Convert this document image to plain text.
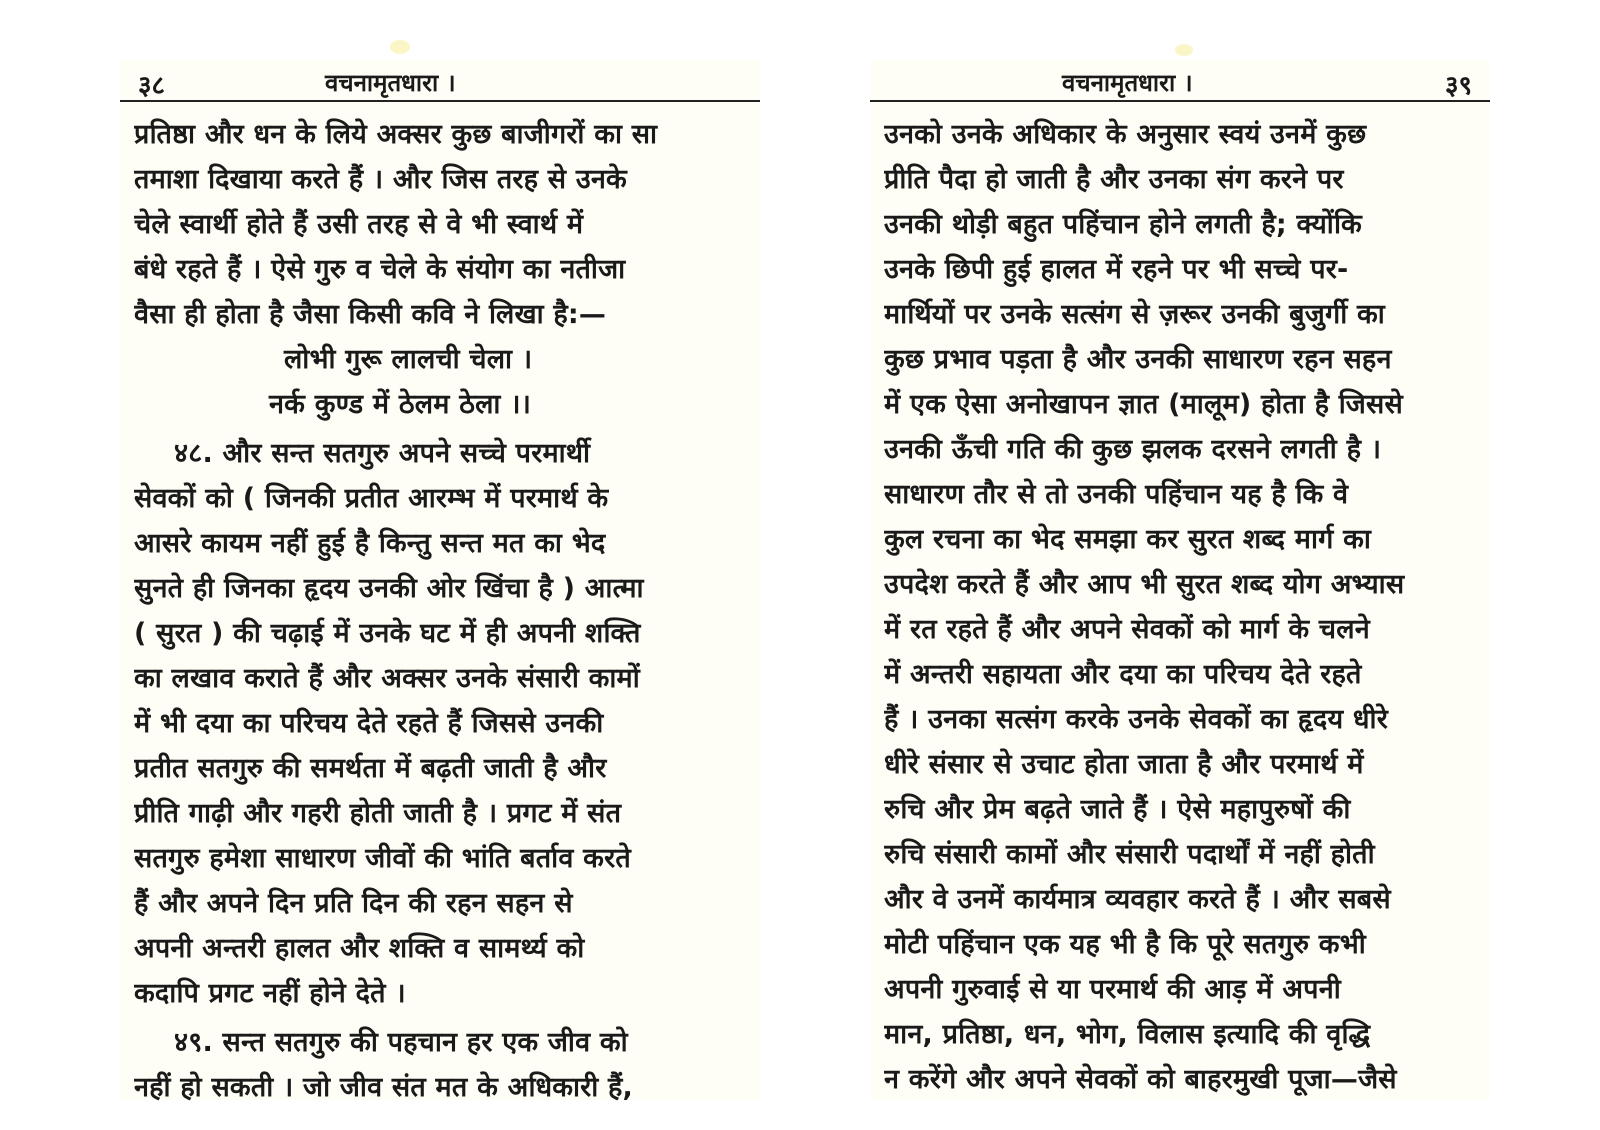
३८	वचनामृतधारा ।
प्रतिष्ठा और धन के लिये अक्सर कुछ बाजीगरों का सा
तमाशा दिखाया करते हैं । और जिस तरह से उनके
चेले स्वार्थी होते हैं उसी तरह से वे भी स्वार्थ में
बंधे रहते हैं । ऐसे गुरु व चेले के संयोग का नतीजा
वैसा ही होता है जैसा किसी कवि ने लिखा है:—
लोभी गुरू लालची चेला ।
नर्क कुण्ड में ठेलम ठेला ।।
४८. और सन्त सतगुरु अपने सच्चे परमार्थी
सेवकों को ( जिनकी प्रतीत आरम्भ में परमार्थ के
आसरे कायम नहीं हुई है किन्तु सन्त मत का भेद
सुनते ही जिनका हृदय उनकी ओर खिंचा है ) आत्मा
( सुरत ) की चढ़ाई में उनके घट में ही अपनी शक्ति
का लखाव कराते हैं और अक्सर उनके संसारी कामों
में भी दया का परिचय देते रहते हैं जिससे उनकी
प्रतीत सतगुरु की समर्थता में बढ़ती जाती है और
प्रीति गाढ़ी और गहरी होती जाती है । प्रगट में संत
सतगुरु हमेशा साधारण जीवों की भांति बर्ताव करते
हैं और अपने दिन प्रति दिन की रहन सहन से
अपनी अन्तरी हालत और शक्ति व सामर्थ्य को
कदापि प्रगट नहीं होने देते ।
४९. सन्त सतगुरु की पहचान हर एक जीव को
नहीं हो सकती । जो जीव संत मत के अधिकारी हैं,
वचनामृतधारा ।	३९
उनको उनके अधिकार के अनुसार स्वयं उनमें कुछ
प्रीति पैदा हो जाती है और उनका संग करने पर
उनकी थोड़ी बहुत पहिंचान होने लगती है; क्योंकि
उनके छिपी हुई हालत में रहने पर भी सच्चे पर-
मार्थियों पर उनके सत्संग से ज़रूर उनकी बुजुर्गी का
कुछ प्रभाव पड़ता है और उनकी साधारण रहन सहन
में एक ऐसा अनोखापन ज्ञात (मालूम) होता है जिससे
उनकी ऊँची गति की कुछ झलक दरसने लगती है ।
साधारण तौर से तो उनकी पहिंचान यह है कि वे
कुल रचना का भेद समझा कर सुरत शब्द मार्ग का
उपदेश करते हैं और आप भी सुरत शब्द योग अभ्यास
में रत रहते हैं और अपने सेवकों को मार्ग के चलने
में अन्तरी सहायता और दया का परिचय देते रहते
हैं । उनका सत्संग करके उनके सेवकों का हृदय धीरे
धीरे संसार से उचाट होता जाता है और परमार्थ में
रुचि और प्रेम बढ़ते जाते हैं । ऐसे महापुरुषों की
रुचि संसारी कामों और संसारी पदार्थों में नहीं होती
और वे उनमें कार्यमात्र व्यवहार करते हैं । और सबसे
मोटी पहिंचान एक यह भी है कि पूरे सतगुरु कभी
अपनी गुरुवाई से या परमार्थ की आड़ में अपनी
मान, प्रतिष्ठा, धन, भोग, विलास इत्यादि की वृद्धि
न करेंगे और अपने सेवकों को बाहरमुखी पूजा—जैसे
